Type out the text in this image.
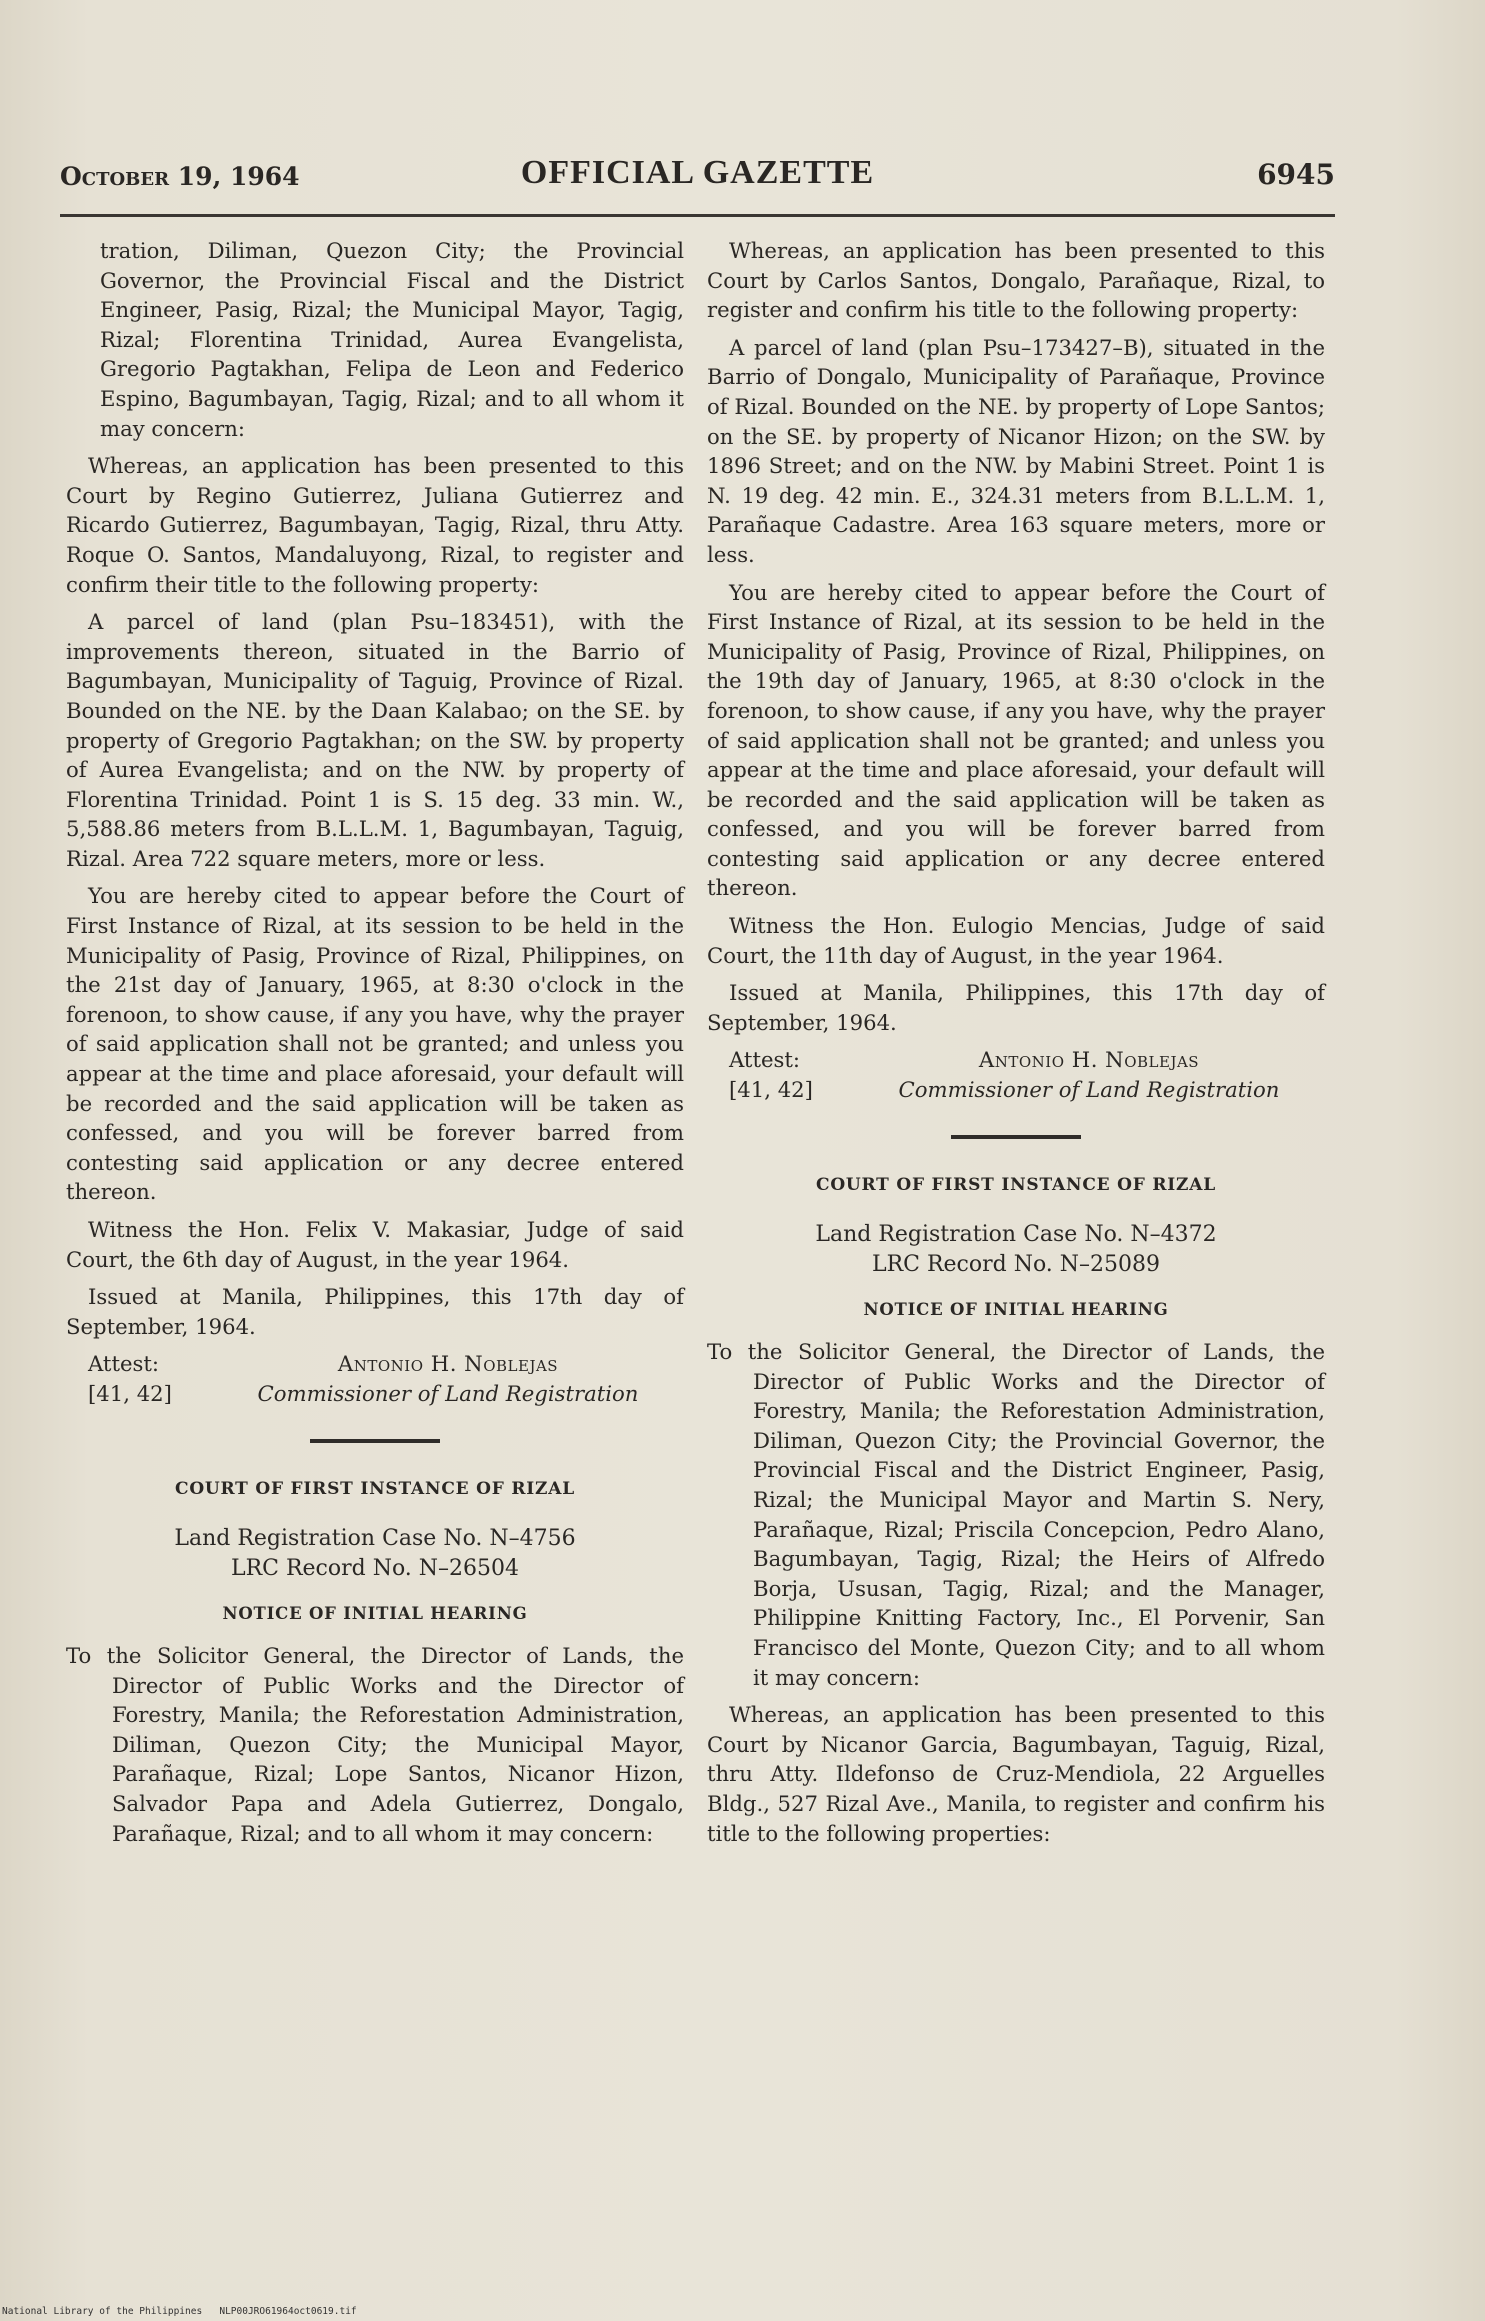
October 19, 1964	OFFICIAL GAZETTE	6945

tration, Diliman, Quezon City; the Provincial Governor, the Provincial Fiscal and the District Engineer, Pasig, Rizal; the Municipal Mayor, Tagig, Rizal; Florentina Trinidad, Aurea Evangelista, Gregorio Pagtakhan, Felipa de Leon and Federico Espino, Bagumbayan, Tagig, Rizal; and to all whom it may concern:

Whereas, an application has been presented to this Court by Regino Gutierrez, Juliana Gutierrez and Ricardo Gutierrez, Bagumbayan, Tagig, Rizal, thru Atty. Roque O. Santos, Mandaluyong, Rizal, to register and confirm their title to the following property:

A parcel of land (plan Psu–183451), with the improvements thereon, situated in the Barrio of Bagumbayan, Municipality of Taguig, Province of Rizal. Bounded on the NE. by the Daan Kalabao; on the SE. by property of Gregorio Pagtakhan; on the SW. by property of Aurea Evangelista; and on the NW. by property of Florentina Trinidad. Point 1 is S. 15 deg. 33 min. W., 5,588.86 meters from B.L.L.M. 1, Bagumbayan, Taguig, Rizal. Area 722 square meters, more or less.

You are hereby cited to appear before the Court of First Instance of Rizal, at its session to be held in the Municipality of Pasig, Province of Rizal, Philippines, on the 21st day of January, 1965, at 8:30 o'clock in the forenoon, to show cause, if any you have, why the prayer of said application shall not be granted; and unless you appear at the time and place aforesaid, your default will be recorded and the said application will be taken as confessed, and you will be forever barred from contesting said application or any decree entered thereon.

Witness the Hon. Felix V. Makasiar, Judge of said Court, the 6th day of August, in the year 1964.

Issued at Manila, Philippines, this 17th day of September, 1964.

Attest:	Antonio H. Noblejas
[41, 42]	Commissioner of Land Registration

COURT OF FIRST INSTANCE OF RIZAL

Land Registration Case No. N–4756

LRC Record No. N–26504

NOTICE OF INITIAL HEARING

To the Solicitor General, the Director of Lands, the Director of Public Works and the Director of Forestry, Manila; the Reforestation Administration, Diliman, Quezon City; the Municipal Mayor, Parañaque, Rizal; Lope Santos, Nicanor Hizon, Salvador Papa and Adela Gutierrez, Dongalo, Parañaque, Rizal; and to all whom it may concern:

Whereas, an application has been presented to this Court by Carlos Santos, Dongalo, Parañaque, Rizal, to register and confirm his title to the following property:

A parcel of land (plan Psu–173427–B), situated in the Barrio of Dongalo, Municipality of Parañaque, Province of Rizal. Bounded on the NE. by property of Lope Santos; on the SE. by property of Nicanor Hizon; on the SW. by 1896 Street; and on the NW. by Mabini Street. Point 1 is N. 19 deg. 42 min. E., 324.31 meters from B.L.L.M. 1, Parañaque Cadastre. Area 163 square meters, more or less.

You are hereby cited to appear before the Court of First Instance of Rizal, at its session to be held in the Municipality of Pasig, Province of Rizal, Philippines, on the 19th day of January, 1965, at 8:30 o'clock in the forenoon, to show cause, if any you have, why the prayer of said application shall not be granted; and unless you appear at the time and place aforesaid, your default will be recorded and the said application will be taken as confessed, and you will be forever barred from contesting said application or any decree entered thereon.

Witness the Hon. Eulogio Mencias, Judge of said Court, the 11th day of August, in the year 1964.

Issued at Manila, Philippines, this 17th day of September, 1964.

Attest:	Antonio H. Noblejas
[41, 42]	Commissioner of Land Registration

COURT OF FIRST INSTANCE OF RIZAL

Land Registration Case No. N–4372

LRC Record No. N–25089

NOTICE OF INITIAL HEARING

To the Solicitor General, the Director of Lands, the Director of Public Works and the Director of Forestry, Manila; the Reforestation Administration, Diliman, Quezon City; the Provincial Governor, the Provincial Fiscal and the District Engineer, Pasig, Rizal; the Municipal Mayor and Martin S. Nery, Parañaque, Rizal; Priscila Concepcion, Pedro Alano, Bagumbayan, Tagig, Rizal; the Heirs of Alfredo Borja, Ususan, Tagig, Rizal; and the Manager, Philippine Knitting Factory, Inc., El Porvenir, San Francisco del Monte, Quezon City; and to all whom it may concern:

Whereas, an application has been presented to this Court by Nicanor Garcia, Bagumbayan, Taguig, Rizal, thru Atty. Ildefonso de Cruz-Mendiola, 22 Arguelles Bldg., 527 Rizal Ave., Manila, to register and confirm his title to the following properties:

National Library of the Philippines NLP00JRO61964oct0619.tif
